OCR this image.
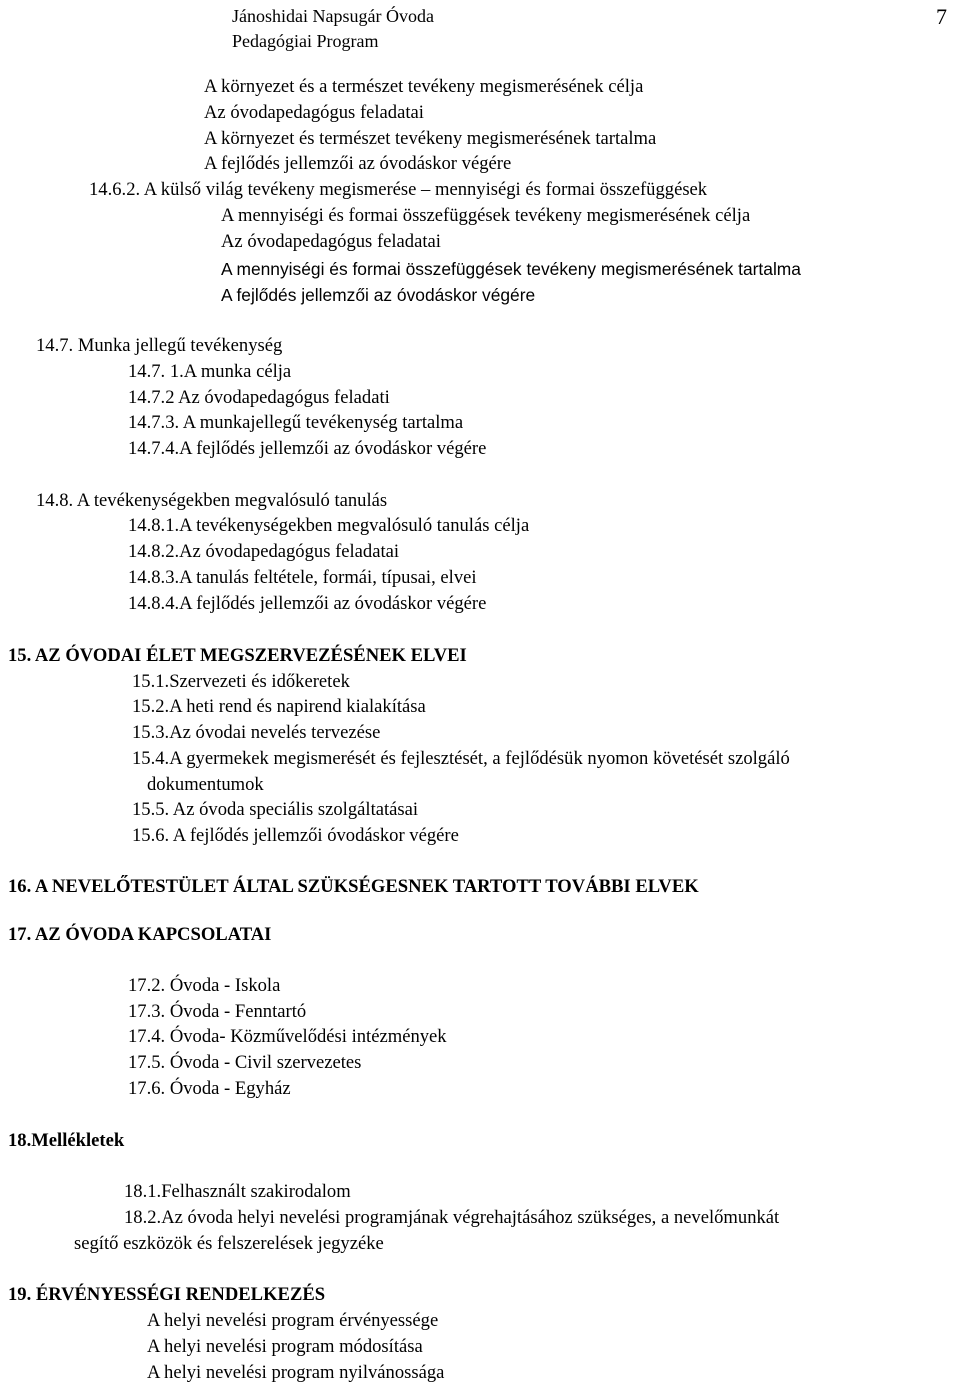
Jánoshidai Napsugár Óvoda
Pedagógiai Program
7
A környezet és a természet tevékeny megismerésének célja
Az óvodapedagógus feladatai
A környezet és természet tevékeny megismerésének tartalma
A fejlődés jellemzői az óvodáskor végére
14.6.2. A külső világ tevékeny megismerése – mennyiségi és formai összefüggések
A mennyiségi és formai összefüggések tevékeny megismerésének célja
Az óvodapedagógus feladatai
A mennyiségi és formai összefüggések tevékeny megismerésének tartalma
A fejlődés jellemzői az óvodáskor végére
14.7. Munka jellegű tevékenység
14.7. 1.A munka célja
14.7.2 Az óvodapedagógus feladati
14.7.3. A munkajellegű tevékenység tartalma
14.7.4.A fejlődés jellemzői az óvodáskor végére
14.8. A tevékenységekben megvalósuló tanulás
14.8.1.A tevékenységekben megvalósuló tanulás célja
14.8.2.Az óvodapedagógus feladatai
14.8.3.A tanulás feltétele, formái, típusai, elvei
14.8.4.A fejlődés jellemzői az óvodáskor végére
15. AZ ÓVODAI ÉLET MEGSZERVEZÉSÉNEK ELVEI
15.1.Szervezeti és időkeretek
15.2.A heti rend és napirend kialakítása
15.3.Az óvodai nevelés tervezése
15.4.A gyermekek megismerését és fejlesztését, a fejlődésük nyomon követését szolgáló
dokumentumok
15.5. Az óvoda speciális szolgáltatásai
15.6. A fejlődés jellemzői óvodáskor végére
16. A NEVELŐTESTÜLET ÁLTAL SZÜKSÉGESNEK TARTOTT TOVÁBBI ELVEK
17. AZ ÓVODA KAPCSOLATAI
17.2. Óvoda - Iskola
17.3. Óvoda - Fenntartó
17.4. Óvoda- Közművelődési intézmények
17.5. Óvoda - Civil szervezetes
17.6. Óvoda - Egyház
18.Mellékletek
18.1.Felhasznált szakirodalom
18.2.Az óvoda helyi nevelési programjának végrehajtásához szükséges, a nevelőmunkát
segítő eszközök és felszerelések jegyzéke
19. ÉRVÉNYESSÉGI RENDELKEZÉS
A helyi nevelési program érvényessége
A helyi nevelési program módosítása
A helyi nevelési program nyilvánossága
